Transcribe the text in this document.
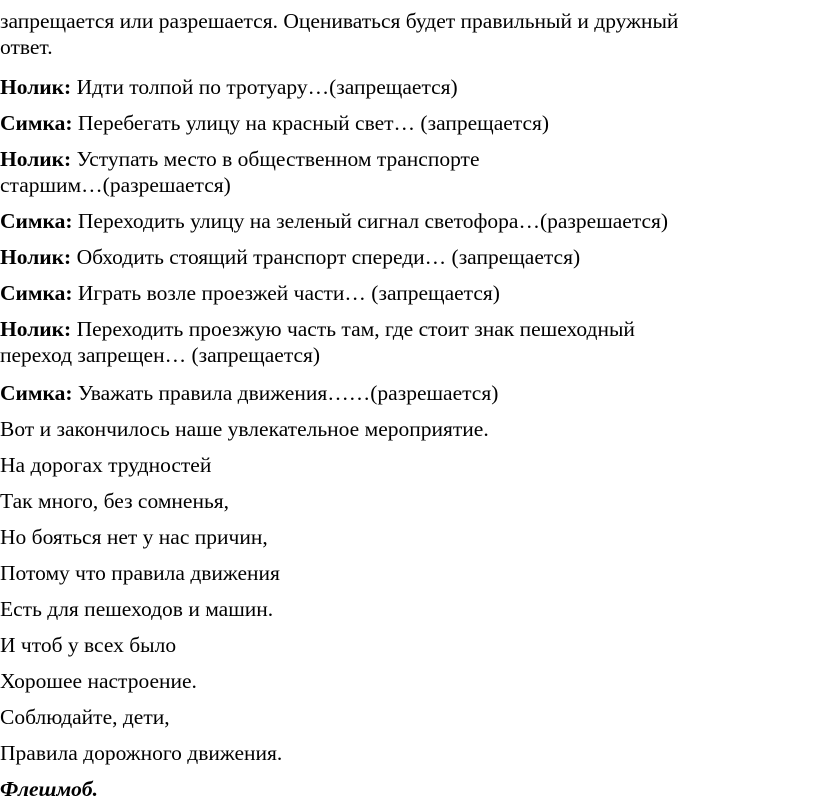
запрещается или разрешается. Оцениваться будет правильный и дружный
ответ.
Нолик: Идти толпой по тротуару…(запрещается)
Симка: Перебегать улицу на красный свет… (запрещается)
Нолик: Уступать место в общественном транспорте
старшим…(разрешается)
Симка: Переходить улицу на зеленый сигнал светофора…(разрешается)
Нолик: Обходить стоящий транспорт спереди… (запрещается)
Симка: Играть возле проезжей части… (запрещается)
Нолик: Переходить проезжую часть там, где стоит знак пешеходный
переход запрещен… (запрещается)
Симка: Уважать правила движения……(разрешается)
Вот и закончилось наше увлекательное мероприятие.
На дорогах трудностей
Так много, без сомненья,
Но бояться нет у нас причин,
Потому что правила движения
Есть для пешеходов и машин.
И чтоб у всех было
Хорошее настроение.
Соблюдайте, дети,
Правила дорожного движения.
Флешмоб.
